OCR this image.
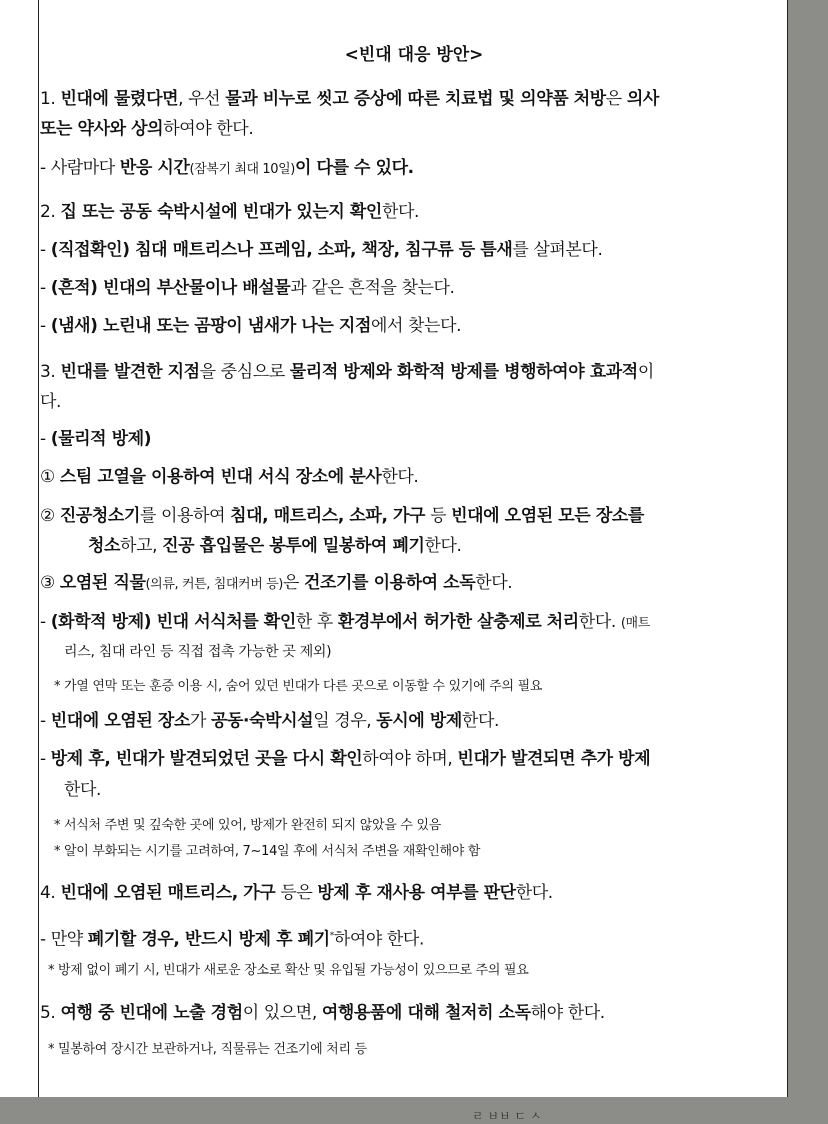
<빈대 대응 방안>
1. 빈대에 물렸다면, 우선 물과 비누로 씻고 증상에 따른 치료법 및 의약품 처방은 의사
또는 약사와 상의하여야 한다.
- 사람마다 반응 시간(잠복기 최대 10일)이 다를 수 있다.
2. 집 또는 공동 숙박시설에 빈대가 있는지 확인한다.
- (직접확인) 침대 매트리스나 프레임, 소파, 책장, 침구류 등 틈새를 살펴본다.
- (흔적) 빈대의 부산물이나 배설물과 같은 흔적을 찾는다.
- (냄새) 노린내 또는 곰팡이 냄새가 나는 지점에서 찾는다.
3. 빈대를 발견한 지점을 중심으로 물리적 방제와 화학적 방제를 병행하여야 효과적이
다.
- (물리적 방제)
① 스팀 고열을 이용하여 빈대 서식 장소에 분사한다.
② 진공청소기를 이용하여 침대, 매트리스, 소파, 가구 등 빈대에 오염된 모든 장소를
청소하고, 진공 흡입물은 봉투에 밀봉하여 폐기한다.
③ 오염된 직물(의류, 커튼, 침대커버 등)은 건조기를 이용하여 소독한다.
- (화학적 방제) 빈대 서식처를 확인한 후 환경부에서 허가한 살충제로 처리한다. (매트
리스, 침대 라인 등 직접 접촉 가능한 곳 제외)
* 가열 연막 또는 훈증 이용 시, 숨어 있던 빈대가 다른 곳으로 이동할 수 있기에 주의 필요
- 빈대에 오염된 장소가 공동·숙박시설일 경우, 동시에 방제한다.
- 방제 후, 빈대가 발견되었던 곳을 다시 확인하여야 하며, 빈대가 발견되면 추가 방제
한다.
* 서식처 주변 및 깊숙한 곳에 있어, 방제가 완전히 되지 않았을 수 있음
* 알이 부화되는 시기를 고려하여, 7~14일 후에 서식처 주변을 재확인해야 함
4. 빈대에 오염된 매트리스, 가구 등은 방제 후 재사용 여부를 판단한다.
- 만약 폐기할 경우, 반드시 방제 후 폐기*하여야 한다.
* 방제 없이 폐기 시, 빈대가 새로운 장소로 확산 및 유입될 가능성이 있으므로 주의 필요
5. 여행 중 빈대에 노출 경험이 있으면, 여행용품에 대해 철저히 소독해야 한다.
* 밀봉하여 장시간 보관하거나, 직물류는 건조기에 처리 등
ㄹ ㅂㅂ ㄷ ㅅ
